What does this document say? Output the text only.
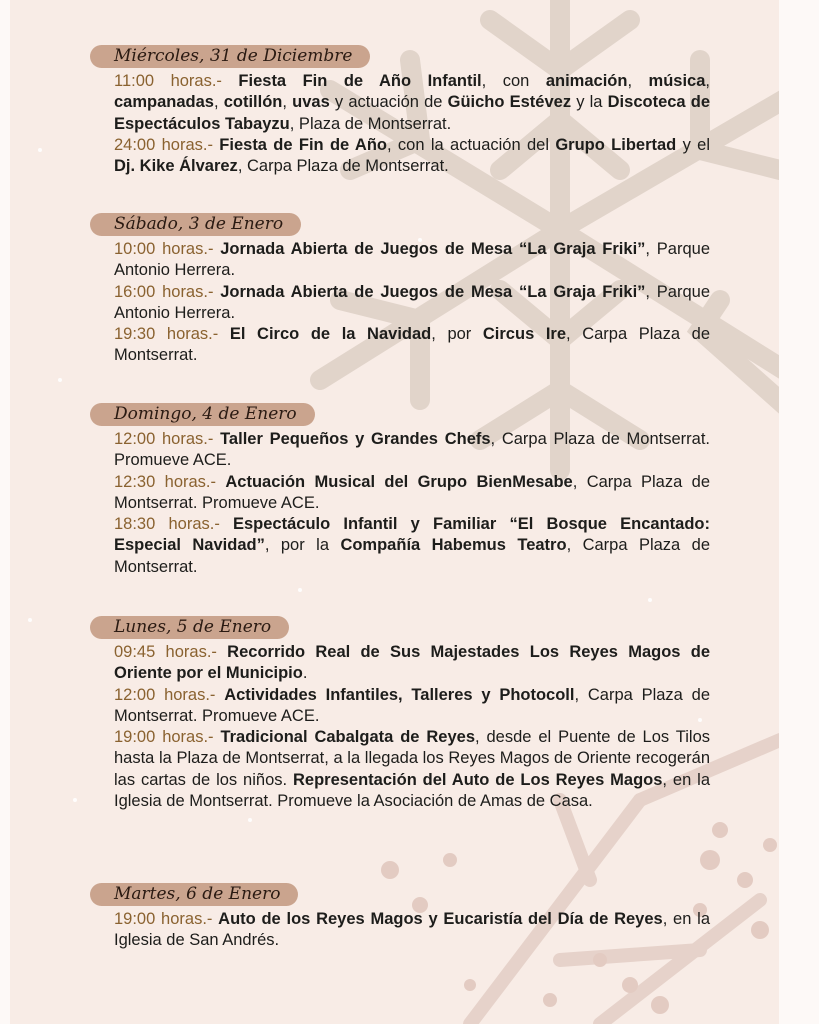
Miércoles, 31 de Diciembre
11:00 horas.- Fiesta Fin de Año Infantil, con animación, música, campanadas, cotillón, uvas y actuación de Güicho Estévez y la Discoteca de Espectáculos Tabayzu, Plaza de Montserrat.
24:00 horas.- Fiesta de Fin de Año, con la actuación del Grupo Libertad y el Dj. Kike Álvarez, Carpa Plaza de Montserrat.
Sábado, 3 de Enero
10:00 horas.- Jornada Abierta de Juegos de Mesa “La Graja Friki”, Parque Antonio Herrera.
16:00 horas.- Jornada Abierta de Juegos de Mesa “La Graja Friki”, Parque Antonio Herrera.
19:30 horas.- El Circo de la Navidad, por Circus Ire, Carpa Plaza de Montserrat.
Domingo, 4 de Enero
12:00 horas.- Taller Pequeños y Grandes Chefs, Carpa Plaza de Montserrat. Promueve ACE.
12:30 horas.- Actuación Musical del Grupo BienMesabe, Carpa Plaza de Montserrat. Promueve ACE.
18:30 horas.- Espectáculo Infantil y Familiar “El Bosque Encantado: Especial Navidad”, por la Compañía Habemus Teatro, Carpa Plaza de Montserrat.
Lunes, 5 de Enero
09:45 horas.- Recorrido Real de Sus Majestades Los Reyes Magos de Oriente por el Municipio.
12:00 horas.- Actividades Infantiles, Talleres y Photocoll, Carpa Plaza de Montserrat. Promueve ACE.
19:00 horas.- Tradicional Cabalgata de Reyes, desde el Puente de Los Tilos hasta la Plaza de Montserrat, a la llegada los Reyes Magos de Oriente recogerán las cartas de los niños. Representación del Auto de Los Reyes Magos, en la Iglesia de Montserrat. Promueve la Asociación de Amas de Casa.
Martes, 6 de Enero
19:00 horas.- Auto de los Reyes Magos y Eucaristía del Día de Reyes, en la Iglesia de San Andrés.
